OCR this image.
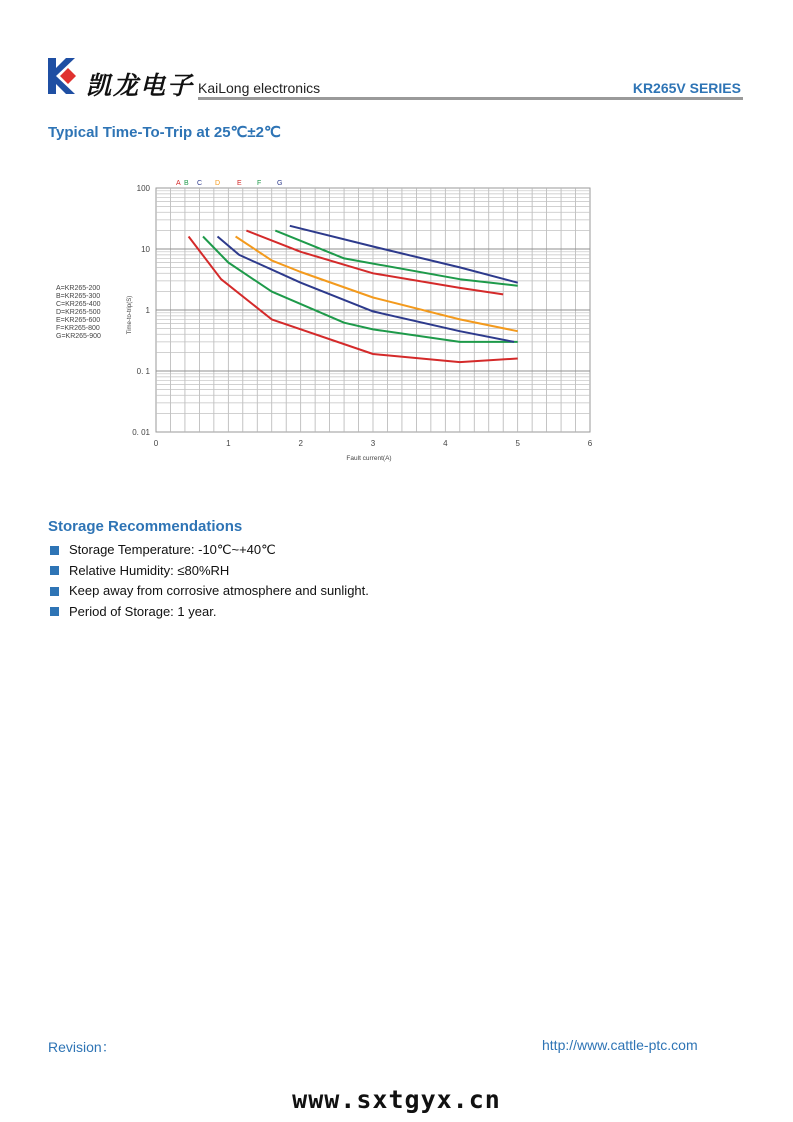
凯龙电子 KaiLong electronics	KR265V SERIES
Typical Time-To-Trip at 25℃±2℃
0	1	2	3	4	5	6
100
10
1
0. 1
0. 01
Fault current(A)
Time-to-trip(S)
A=KR265-200
B=KR265-300
C=KR265-400
D=KR265-500
E=KR265-600
F=KR265-800
G=KR265-900
A B C D E F G
Storage Recommendations
Storage Temperature: -10℃~+40℃
Relative Humidity: ≤80%RH
Keep away from corrosive atmosphere and sunlight.
Period of Storage: 1 year.
Revision：	http://www.cattle-ptc.com
www.sxtgyx.cn
